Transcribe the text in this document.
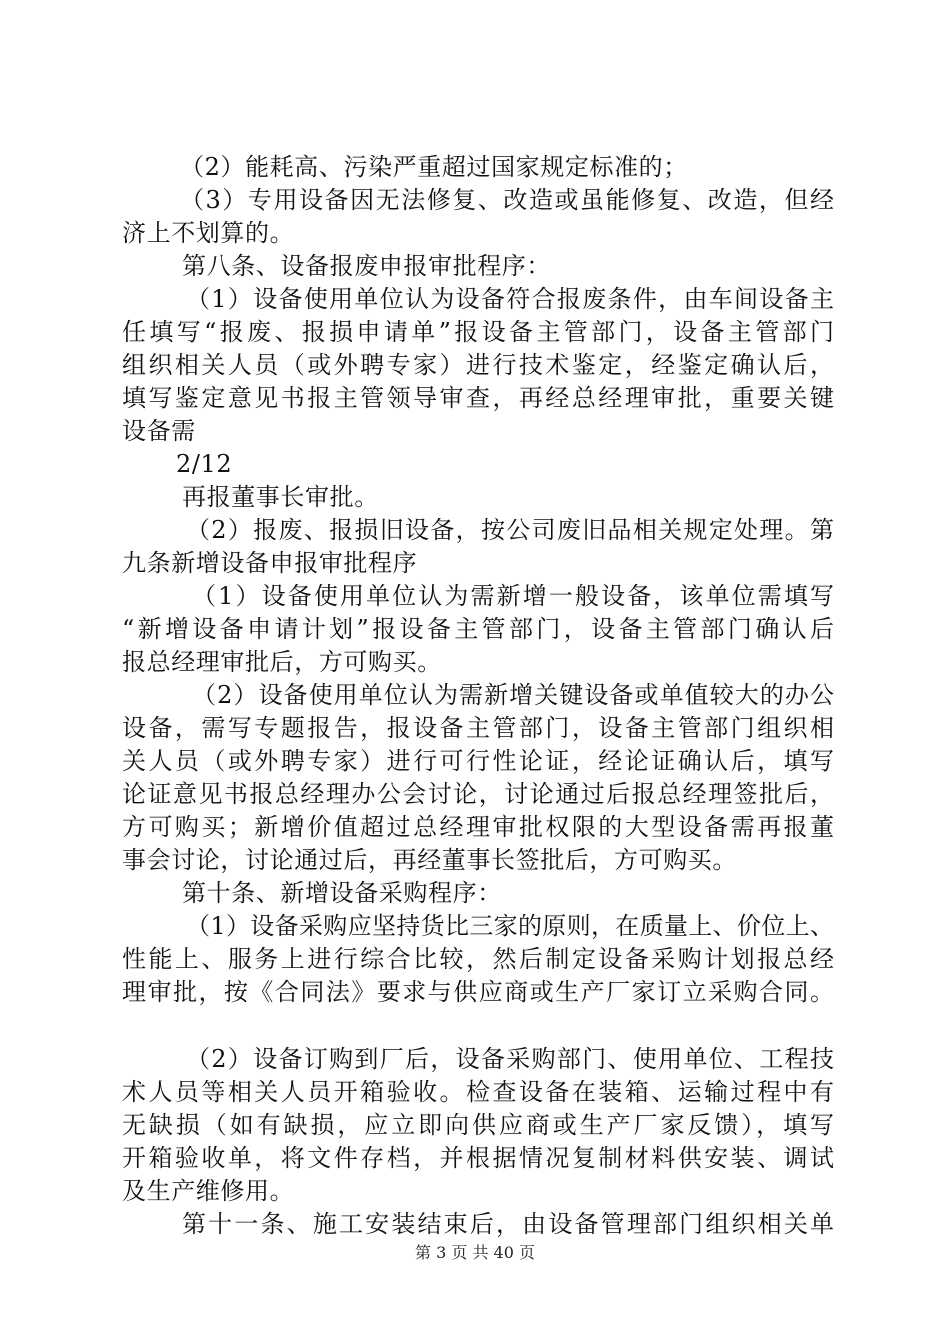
（2）能耗高、污染严重超过国家规定标准的；
（3）专用设备因无法修复、改造或虽能修复、改造，但经
济上不划算的。
第八条、设备报废申报审批程序：
（1）设备使用单位认为设备符合报废条件，由车间设备主
任填写“报废、报损申请单”报设备主管部门，设备主管部门
组织相关人员（或外聘专家）进行技术鉴定，经鉴定确认后，
填写鉴定意见书报主管领导审查，再经总经理审批，重要关键
设备需
2/12
再报董事长审批。
（2）报废、报损旧设备，按公司废旧品相关规定处理。第
九条新增设备申报审批程序
（1）设备使用单位认为需新增一般设备，该单位需填写
“新增设备申请计划”报设备主管部门，设备主管部门确认后
报总经理审批后，方可购买。
（2）设备使用单位认为需新增关键设备或单值较大的办公
设备，需写专题报告，报设备主管部门，设备主管部门组织相
关人员（或外聘专家）进行可行性论证，经论证确认后，填写
论证意见书报总经理办公会讨论，讨论通过后报总经理签批后，
方可购买；新增价值超过总经理审批权限的大型设备需再报董
事会讨论，讨论通过后，再经董事长签批后，方可购买。
第十条、新增设备采购程序：
（1）设备采购应坚持货比三家的原则，在质量上、价位上、
性能上、服务上进行综合比较，然后制定设备采购计划报总经
理审批，按《合同法》要求与供应商或生产厂家订立采购合同。
（2）设备订购到厂后，设备采购部门、使用单位、工程技
术人员等相关人员开箱验收。检查设备在装箱、运输过程中有
无缺损（如有缺损，应立即向供应商或生产厂家反馈），填写
开箱验收单，将文件存档，并根据情况复制材料供安装、调试
及生产维修用。
第十一条、施工安装结束后，由设备管理部门组织相关单
第 3 页 共 40 页
